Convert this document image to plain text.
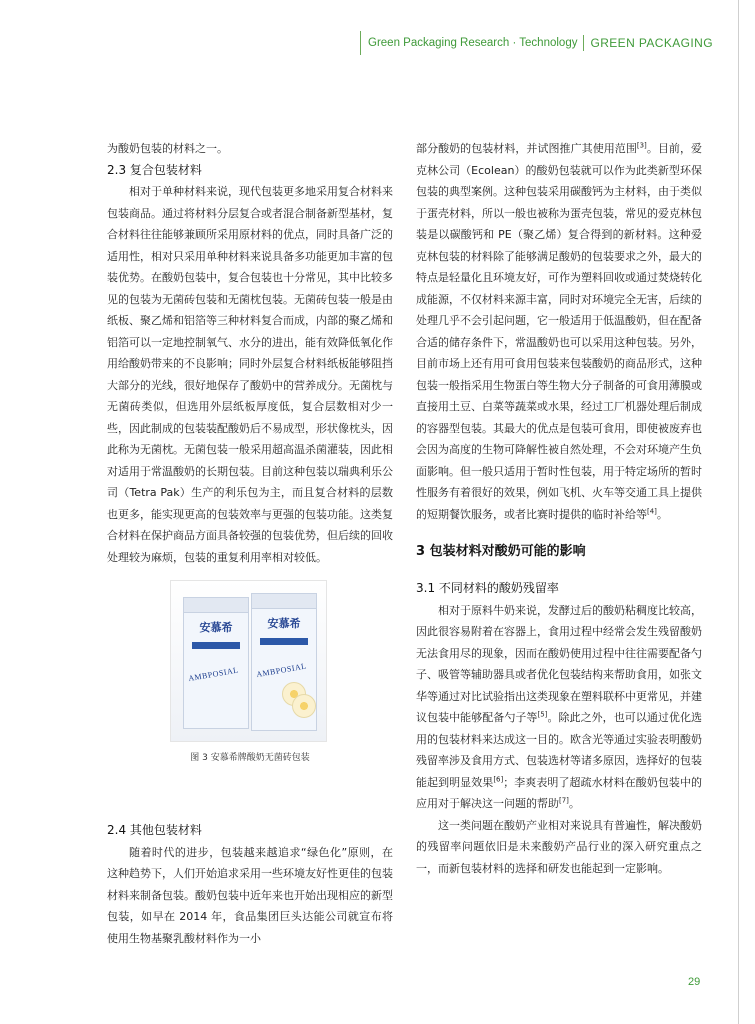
Green Packaging Research · Technology GREEN PACKAGING

为酸奶包装的材料之一。

2.3 复合包装材料

相对于单种材料来说，现代包装更多地采用复合材料来包装商品。通过将材料分层复合或者混合制备新型基材，复合材料往往能够兼顾所采用原材料的优点，同时具备广泛的适用性，相对只采用单种材料来说具备多功能更加丰富的包装优势。在酸奶包装中，复合包装也十分常见，其中比较多见的包装为无菌砖包装和无菌枕包装。无菌砖包装一般是由纸板、聚乙烯和铝箔等三种材料复合而成，内部的聚乙烯和铝箔可以一定地控制氧气、水分的进出，能有效降低氧化作用给酸奶带来的不良影响；同时外层复合材料纸板能够阻挡大部分的光线，很好地保存了酸奶中的营养成分。无菌枕与无菌砖类似，但选用外层纸板厚度低，复合层数相对少一些，因此制成的包装装配酸奶后不易成型，形状像枕头，因此称为无菌枕。无菌包装一般采用超高温杀菌灌装，因此相对适用于常温酸奶的长期包装。目前这种包装以瑞典利乐公司（Tetra Pak）生产的利乐包为主，而且复合材料的层数也更多，能实现更高的包装效率与更强的包装功能。这类复合材料在保护商品方面具备较强的包装优势，但后续的回收处理较为麻烦，包装的重复利用率相对较低。

安慕希
AMBPOSIAL
安慕希
AMBPOSIAL
图 3 安慕希牌酸奶无菌砖包装
2.4 其他包装材料

随着时代的进步，包装越来越追求“绿色化”原则，在这种趋势下，人们开始追求采用一些环境友好性更佳的包装材料来制备包装。酸奶包装中近年来也开始出现相应的新型包装，如早在 2014 年，食品集团巨头达能公司就宣布将使用生物基聚乳酸材料作为一小

部分酸奶的包装材料，并试图推广其使用范围[3]。目前，爱克林公司（Ecolean）的酸奶包装就可以作为此类新型环保包装的典型案例。这种包装采用碳酸钙为主材料，由于类似于蛋壳材料，所以一般也被称为蛋壳包装，常见的爱克林包装是以碳酸钙和 PE（聚乙烯）复合得到的新材料。这种爱克林包装的材料除了能够满足酸奶的包装要求之外，最大的特点是轻量化且环境友好，可作为塑料回收或通过焚烧转化成能源，不仅材料来源丰富，同时对环境完全无害，后续的处理几乎不会引起问题，它一般适用于低温酸奶，但在配备合适的储存条件下，常温酸奶也可以采用这种包装。另外，目前市场上还有用可食用包装来包装酸奶的商品形式，这种包装一般指采用生物蛋白等生物大分子制备的可食用薄膜或直接用土豆、白菜等蔬菜或水果，经过工厂机器处理后制成的容器型包装。其最大的优点是包装可食用，即使被废弃也会因为高度的生物可降解性被自然处理，不会对环境产生负面影响。但一般只适用于暂时性包装，用于特定场所的暂时性服务有着很好的效果，例如飞机、火车等交通工具上提供的短期餐饮服务，或者比赛时提供的临时补给等[4]。

3 包装材料对酸奶可能的影响
3.1 不同材料的酸奶残留率

相对于原料牛奶来说，发酵过后的酸奶粘稠度比较高，因此很容易附着在容器上，食用过程中经常会发生残留酸奶无法食用尽的现象，因而在酸奶使用过程中往往需要配备勺子、吸管等辅助器具或者优化包装结构来帮助食用，如张文华等通过对比试验指出这类现象在塑料联杯中更常见，并建议包装中能够配备勺子等[5]。除此之外，也可以通过优化选用的包装材料来达成这一目的。欧含光等通过实验表明酸奶残留率涉及食用方式、包装选材等诸多原因，选择好的包装能起到明显效果[6]；李爽表明了超疏水材料在酸奶包装中的应用对于解决这一问题的帮助[7]。

这一类问题在酸奶产业相对来说具有普遍性，解决酸奶的残留率问题依旧是未来酸奶产品行业的深入研究重点之一，而新包装材料的选择和研发也能起到一定影响。

29
